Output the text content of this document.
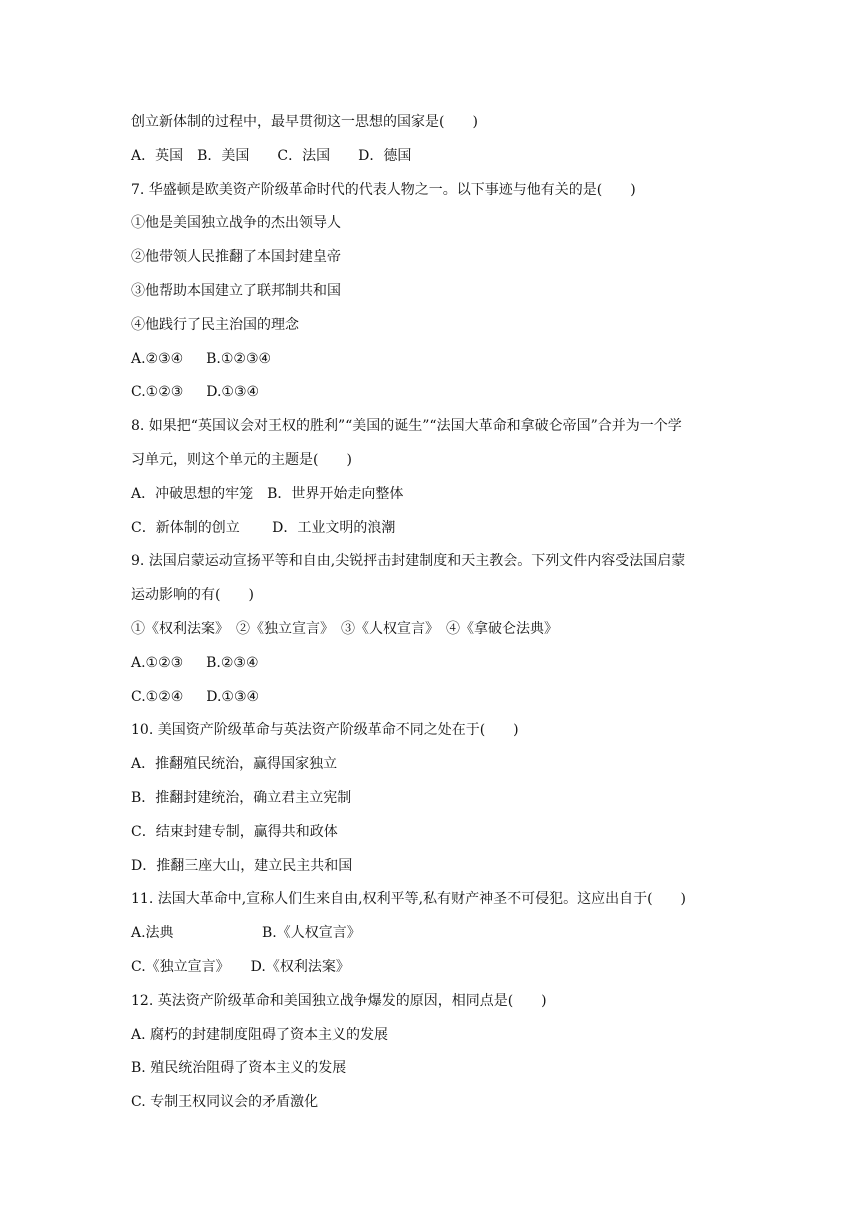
创立新体制的过程中，最早贯彻这一思想的国家是(　　)
A．英国　B．美国　　C．法国　　D．德国
7. 华盛顿是欧美资产阶级革命时代的代表人物之一。以下事迹与他有关的是(　　)
①他是美国独立战争的杰出领导人
②他带领人民推翻了本国封建皇帝
③他帮助本国建立了联邦制共和国
④他践行了民主治国的理念
A.②③④　  B.①②③④
C.①②③　  D.①③④
8. 如果把“英国议会对王权的胜利”“美国的诞生”“法国大革命和拿破仑帝国”合并为一个学
习单元，则这个单元的主题是(　　)
A．冲破思想的牢笼　B．世界开始走向整体
C．新体制的创立　　 D．工业文明的浪潮
9. 法国启蒙运动宣扬平等和自由,尖锐抨击封建制度和天主教会。下列文件内容受法国启蒙
运动影响的有(　　)
①《权利法案》　②《独立宣言》　③《人权宣言》　④《拿破仑法典》
A.①②③　  B.②③④
C.①②④　  D.①③④
10. 美国资产阶级革命与英法资产阶级革命不同之处在于(　　)
A．推翻殖民统治，赢得国家独立
B．推翻封建统治，确立君主立宪制
C．结束封建专制，赢得共和政体
D．推翻三座大山，建立民主共和国
11. 法国大革命中,宣称人们生来自由,权利平等,私有财产神圣不可侵犯。这应出自于(　　)
A.法典　　　　　　 B.《人权宣言》
C.《独立宣言》　　D.《权利法案》
12. 英法资产阶级革命和美国独立战争爆发的原因，相同点是(　　)
A. 腐朽的封建制度阻碍了资本主义的发展
B. 殖民统治阻碍了资本主义的发展
C. 专制王权同议会的矛盾激化
